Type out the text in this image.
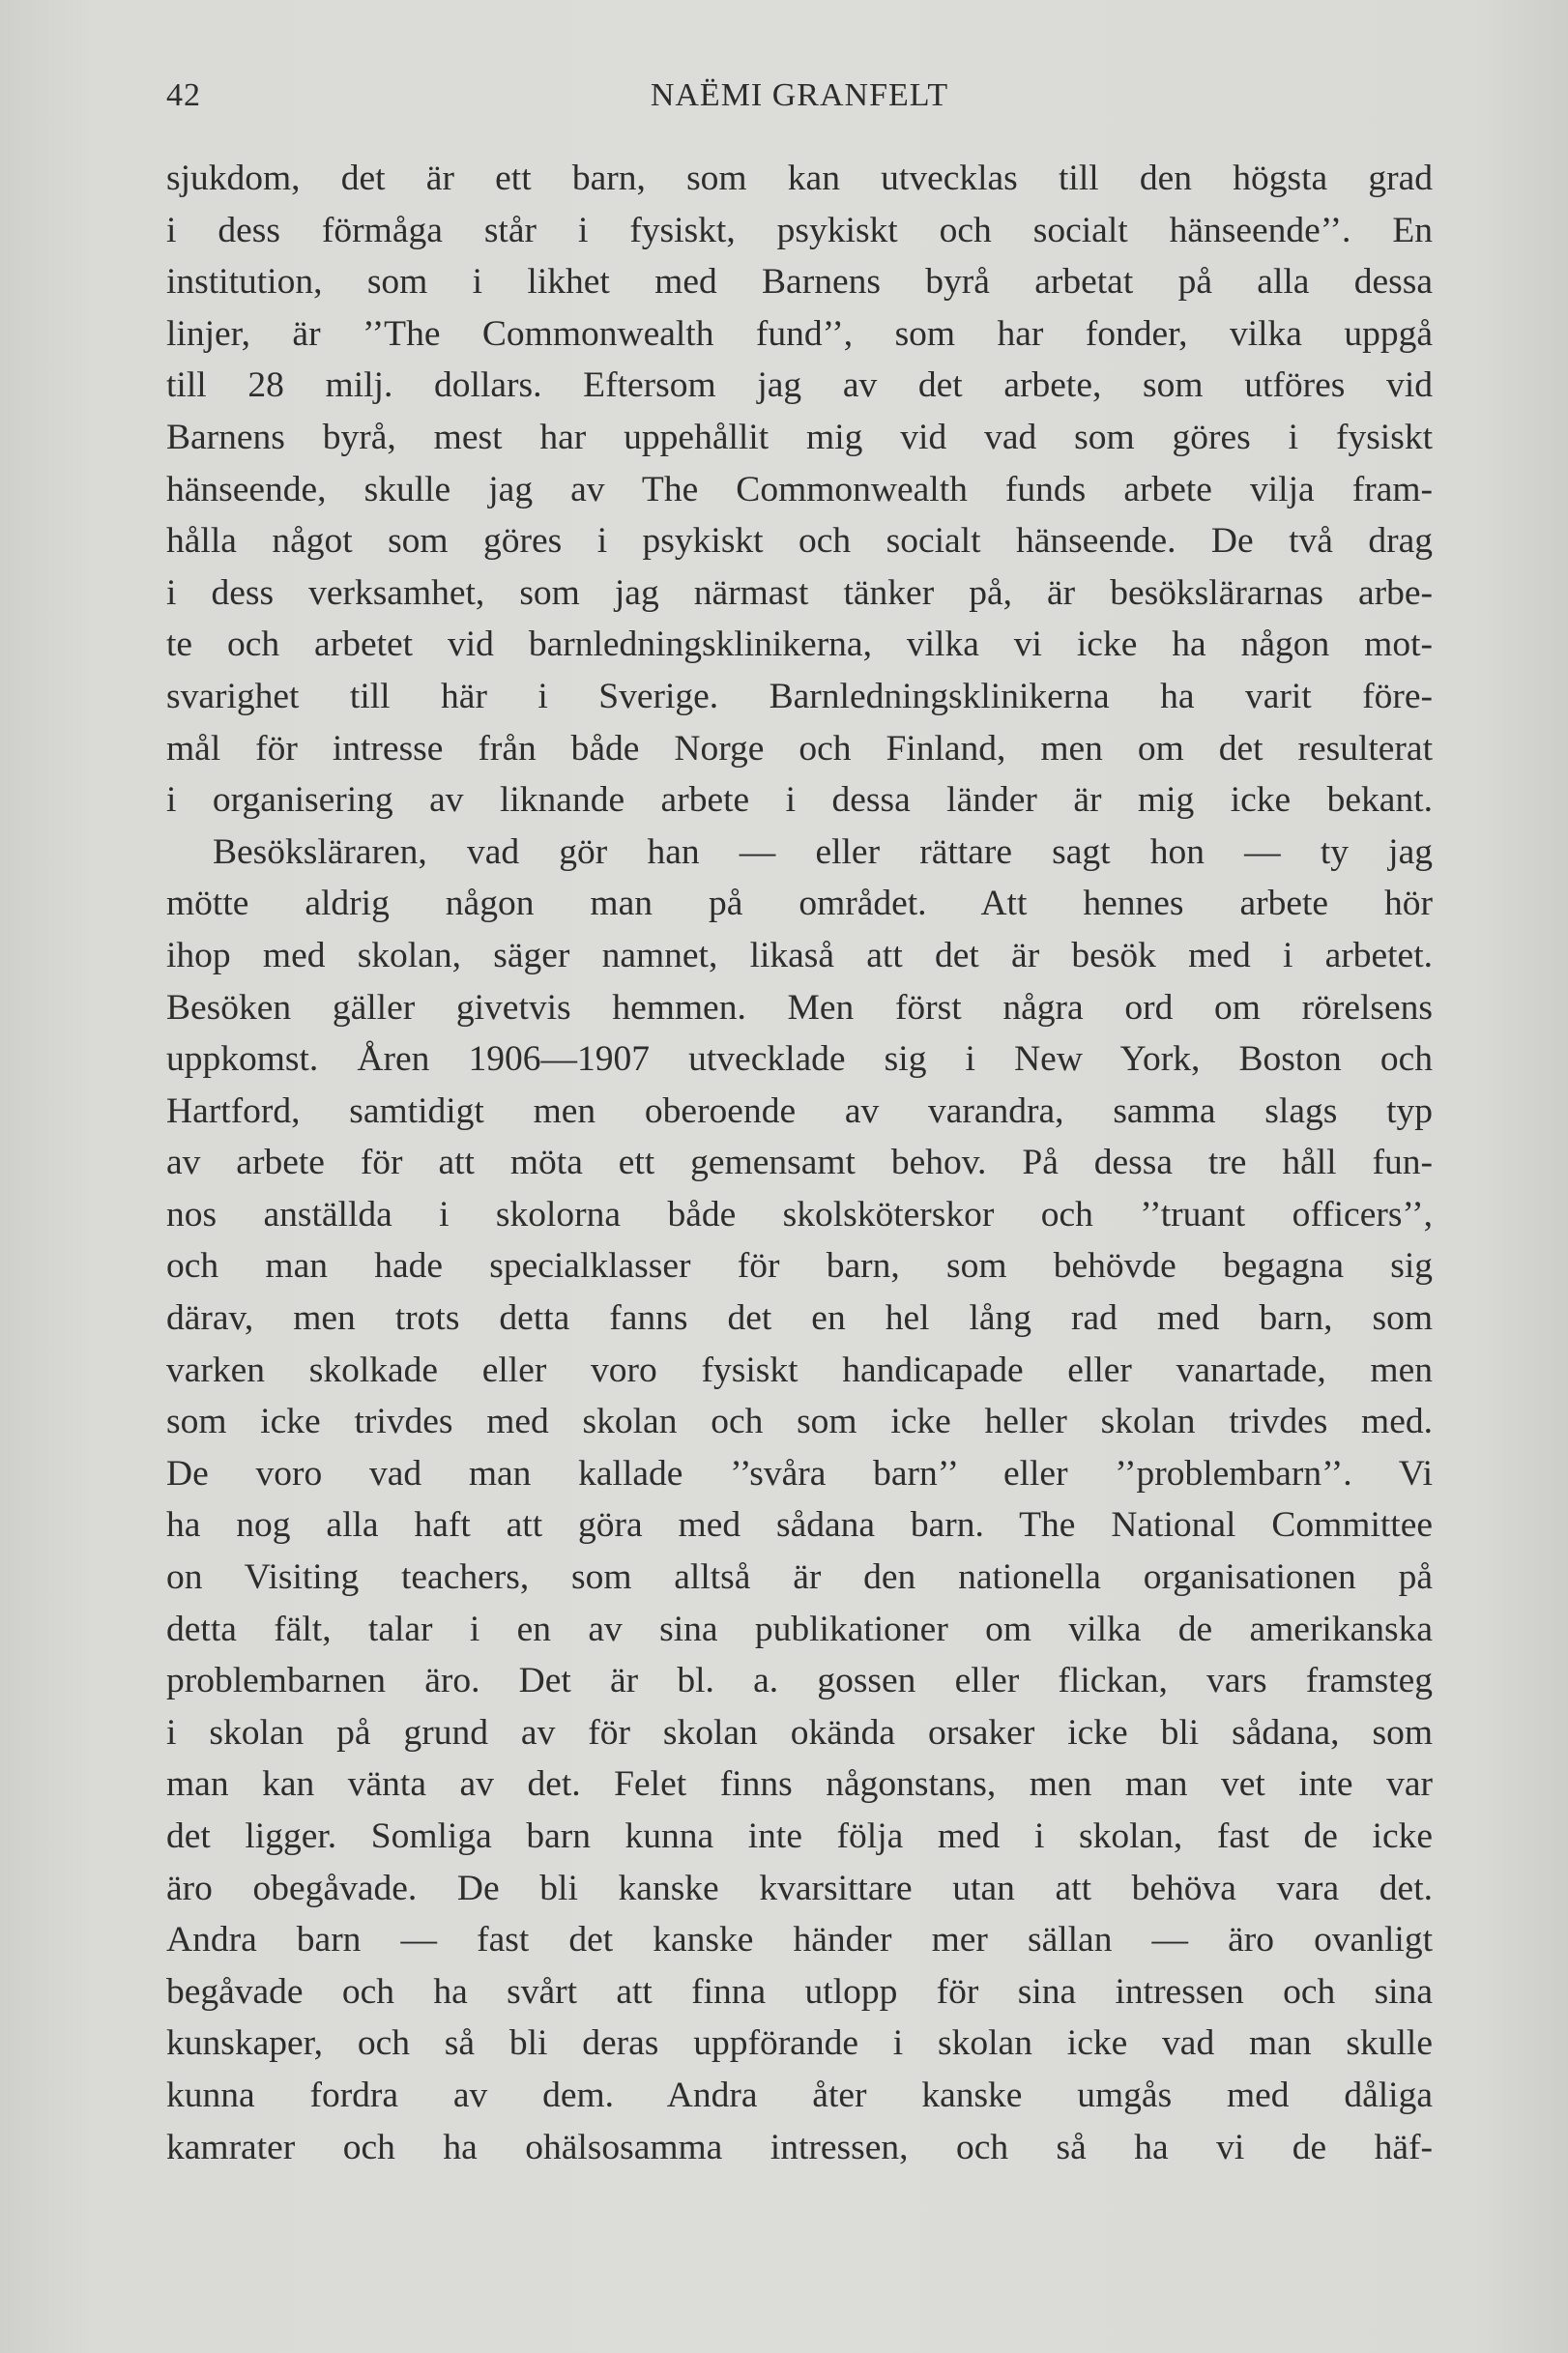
42	NAËMI GRANFELT
sjukdom, det är ett barn, som kan utvecklas till den högsta grad
i dess förmåga står i fysiskt, psykiskt och socialt hänseende’’. En
institution, som i likhet med Barnens byrå arbetat på alla dessa
linjer, är ’’The Commonwealth fund’’, som har fonder, vilka uppgå
till 28 milj. dollars. Eftersom jag av det arbete, som utföres vid
Barnens byrå, mest har uppehållit mig vid vad som göres i fysiskt
hänseende, skulle jag av The Commonwealth funds arbete vilja fram-
hålla något som göres i psykiskt och socialt hänseende. De två drag
i dess verksamhet, som jag närmast tänker på, är besökslärarnas arbe-
te och arbetet vid barnledningsklinikerna, vilka vi icke ha någon mot-
svarighet till här i Sverige. Barnledningsklinikerna ha varit före-
mål för intresse från både Norge och Finland, men om det resulterat
i organisering av liknande arbete i dessa länder är mig icke bekant.
Besöksläraren, vad gör han — eller rättare sagt hon — ty jag
mötte aldrig någon man på området. Att hennes arbete hör
ihop med skolan, säger namnet, likaså att det är besök med i arbetet.
Besöken gäller givetvis hemmen. Men först några ord om rörelsens
uppkomst. Åren 1906—1907 utvecklade sig i New York, Boston och
Hartford, samtidigt men oberoende av varandra, samma slags typ
av arbete för att möta ett gemensamt behov. På dessa tre håll fun-
nos anställda i skolorna både skolsköterskor och ’’truant officers’’,
och man hade specialklasser för barn, som behövde begagna sig
därav, men trots detta fanns det en hel lång rad med barn, som
varken skolkade eller voro fysiskt handicapade eller vanartade, men
som icke trivdes med skolan och som icke heller skolan trivdes med.
De voro vad man kallade ’’svåra barn’’ eller ’’problembarn’’. Vi
ha nog alla haft att göra med sådana barn. The National Committee
on Visiting teachers, som alltså är den nationella organisationen på
detta fält, talar i en av sina publikationer om vilka de amerikanska
problembarnen äro. Det är bl. a. gossen eller flickan, vars framsteg
i skolan på grund av för skolan okända orsaker icke bli sådana, som
man kan vänta av det. Felet finns någonstans, men man vet inte var
det ligger. Somliga barn kunna inte följa med i skolan, fast de icke
äro obegåvade. De bli kanske kvarsittare utan att behöva vara det.
Andra barn — fast det kanske händer mer sällan — äro ovanligt
begåvade och ha svårt att finna utlopp för sina intressen och sina
kunskaper, och så bli deras uppförande i skolan icke vad man skulle
kunna fordra av dem. Andra åter kanske umgås med dåliga
kamrater och ha ohälsosamma intressen, och så ha vi de häf-
